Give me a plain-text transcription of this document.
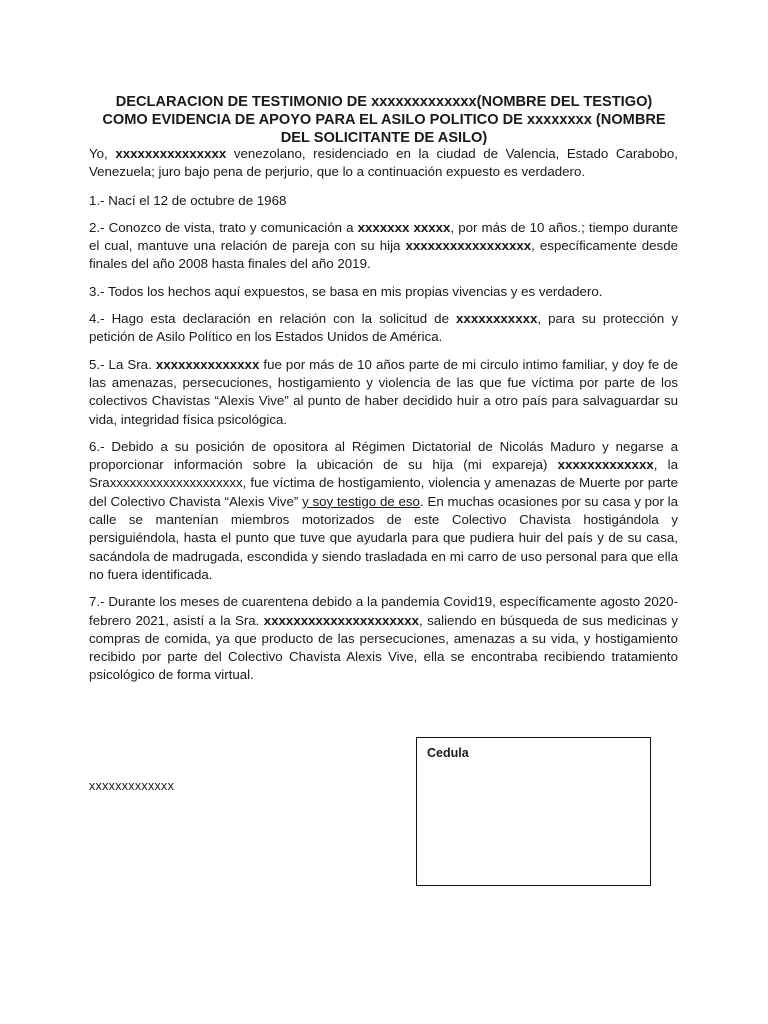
DECLARACION DE TESTIMONIO DE xxxxxxxxxxxxx(NOMBRE DEL TESTIGO)
COMO EVIDENCIA DE APOYO PARA EL ASILO POLITICO DE xxxxxxxx (NOMBRE
DEL SOLICITANTE DE ASILO)

Yo, xxxxxxxxxxxxxxx venezolano, residenciado en la ciudad de Valencia, Estado Carabobo, Venezuela; juro bajo pena de perjurio, que lo a continuación expuesto es verdadero.

1.- Nací el 12 de octubre de 1968

2.- Conozco de vista, trato y comunicación a xxxxxxx xxxxx, por más de 10 años.; tiempo durante el cual, mantuve una relación de pareja con su hija xxxxxxxxxxxxxxxxx, específicamente desde finales del año 2008 hasta finales del año 2019.

3.- Todos los hechos aquí expuestos, se basa en mis propias vivencias y es verdadero.

4.- Hago esta declaración en relación con la solicitud de xxxxxxxxxxx, para su protección y petición de Asilo Político en los Estados Unidos de América.

5.- La Sra. xxxxxxxxxxxxxx fue por más de 10 años parte de mi circulo intimo familiar, y doy fe de las amenazas, persecuciones, hostigamiento y violencia de las que fue víctima por parte de los colectivos Chavistas “Alexis Vive” al punto de haber decidido huir a otro país para salvaguardar su vida, integridad física psicológica.

6.- Debido a su posición de opositora al Régimen Dictatorial de Nicolás Maduro y negarse a proporcionar información sobre la ubicación de su hija (mi expareja) xxxxxxxxxxxxx, la Sraxxxxxxxxxxxxxxxxxxxx, fue víctima de hostigamiento, violencia y amenazas de Muerte por parte del Colectivo Chavista “Alexis Vive” y soy testigo de eso. En muchas ocasiones por su casa y por la calle se mantenían miembros motorizados de este Colectivo Chavista hostigándola y persiguiéndola, hasta el punto que tuve que ayudarla para que pudiera huir del país y de su casa, sacándola de madrugada, escondida y siendo trasladada en mi carro de uso personal para que ella no fuera identificada.

7.- Durante los meses de cuarentena debido a la pandemia Covid19, específicamente agosto 2020- febrero 2021, asistí a la Sra. xxxxxxxxxxxxxxxxxxxxx, saliendo en búsqueda de sus medicinas y compras de comida, ya que producto de las persecuciones, amenazas a su vida, y hostigamiento recibido por parte del Colectivo Chavista Alexis Vive, ella se encontraba recibiendo tratamiento psicológico de forma virtual.

xxxxxxxxxxxxx
Cedula
